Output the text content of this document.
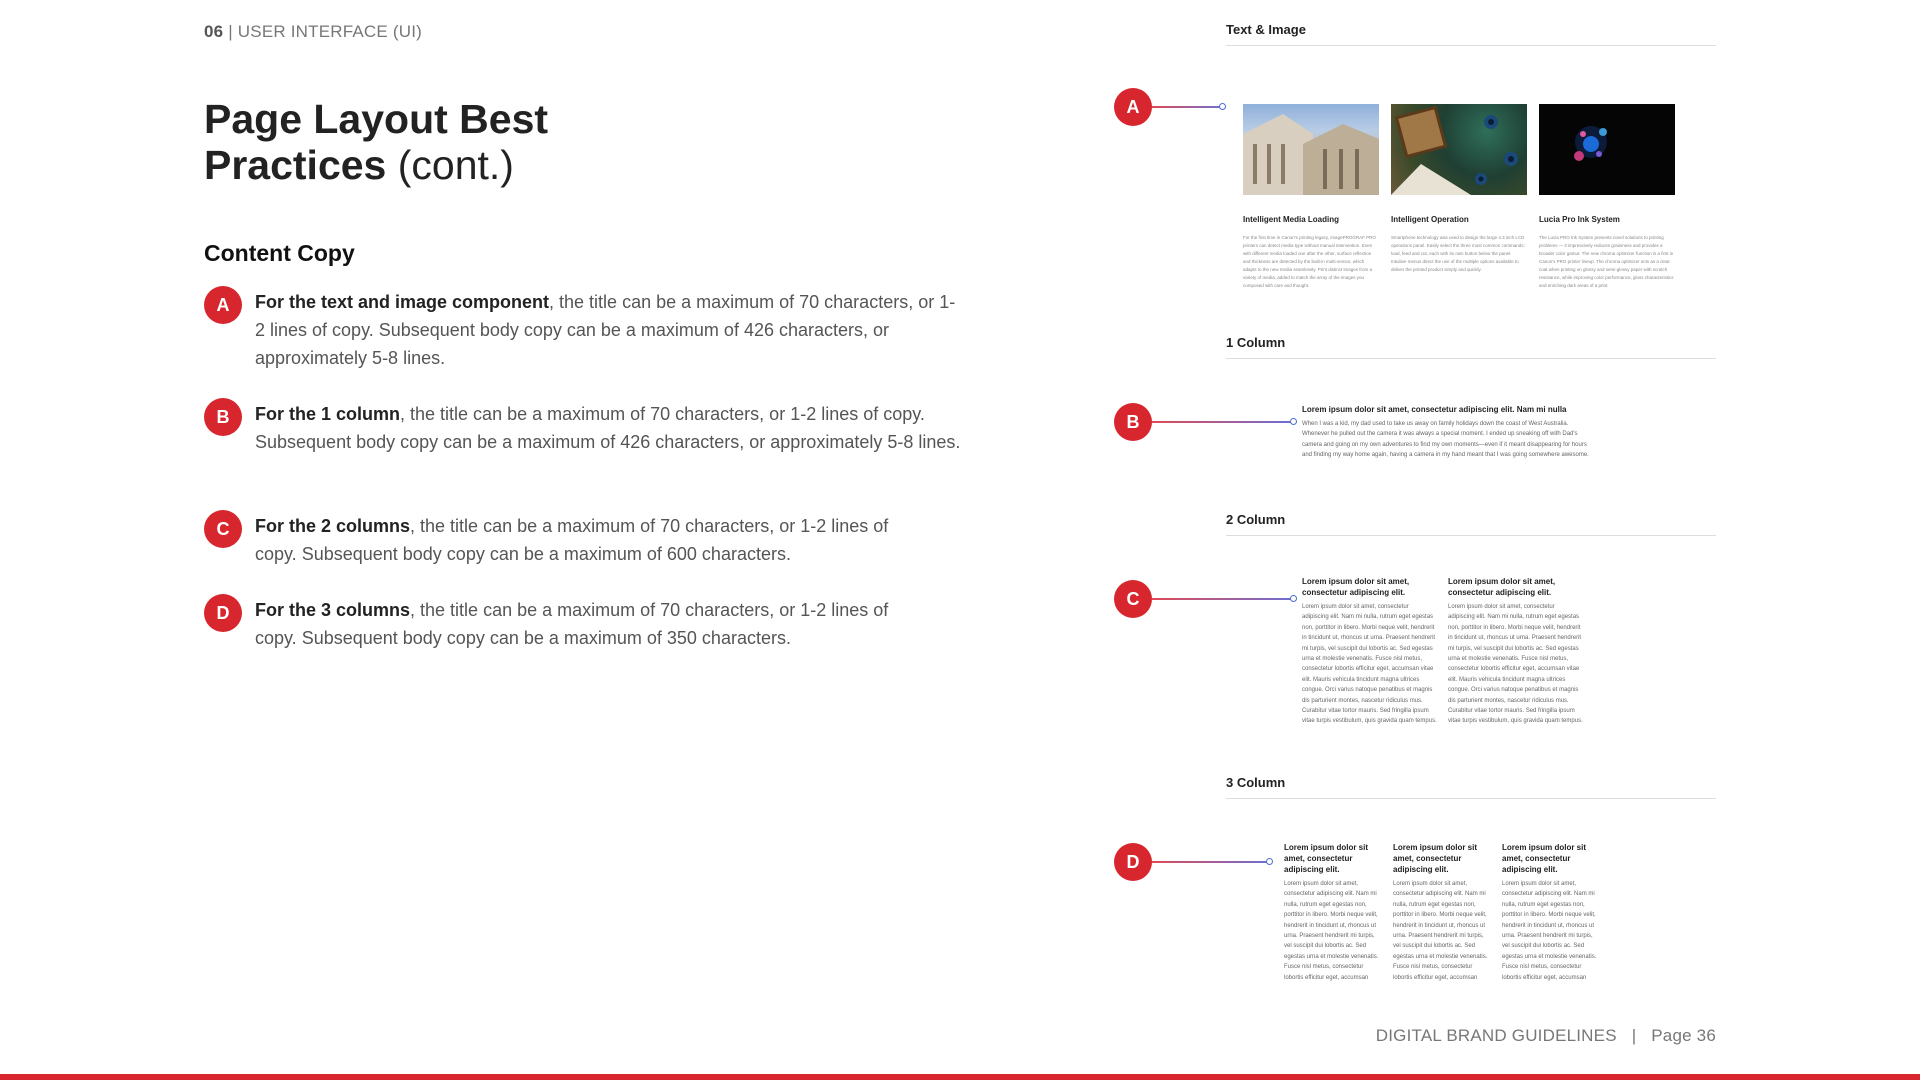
06 | USER INTERFACE (UI)
Page Layout Best Practices (cont.)
Content Copy
A	For the text and image component, the title can be a maximum of 70 characters, or 1-2 lines of copy. Subsequent body copy can be a maximum of 426 characters, or approximately 5-8 lines.

B	For the 1 column, the title can be a maximum of 70 characters, or 1-2 lines of copy. Subsequent body copy can be a maximum of 426 characters, or approximately 5-8 lines.

C	For the 2 columns, the title can be a maximum of 70 characters, or 1-2 lines of copy. Subsequent body copy can be a maximum of 600 characters.

D	For the 3 columns, the title can be a maximum of 70 characters, or 1-2 lines of copy. Subsequent body copy can be a maximum of 350 characters.

Text & Image
A
Intelligent Media Loading
For the first time in Canon's printing legacy, imagePROGRAF PRO printers can detect media type without manual intervention. Even with different media loaded one after the other, surface reflection and thickness are detected by the built-in multi-sensor, which adapts to the new media seamlessly. Print distinct images from a variety of media, added to match the array of the images you composed with care and thought.
Intelligent Operation
Smartphone technology was used to design the large 4.3 inch LCD operations panel. Easily select the three most common commands: load, feed and cut, each with its own button below the panel. Intuitive menus direct the use of the multiple options available to deliver the printed product simply and quickly.
Lucia Pro Ink System
The Lucia PRO Ink System presents novel solutions to printing problems — it impressively reduces graininess and provides a broader color gamut. The new chroma optimizer function is a first in Canon's PRO printer lineup. The chroma optimizer acts as a clear coat when printing on glossy and semi-glossy paper with scratch resistance, while improving color performance, gloss characteristics and enriching dark areas of a print.
1 Column
B
Lorem ipsum dolor sit amet, consectetur adipiscing elit. Nam mi nulla
When I was a kid, my dad used to take us away on family holidays down the coast of West Australia. Whenever he pulled out the camera it was always a special moment. I ended up sneaking off with Dad's camera and going on my own adventures to find my own moments—even if it meant disappearing for hours and finding my way home again, having a camera in my hand meant that I was going somewhere awesome.
2 Column
C
Lorem ipsum dolor sit amet, consectetur adipiscing elit.
Lorem ipsum dolor sit amet, consectetur adipiscing elit. Nam mi nulla, rutrum eget egestas non, porttitor in libero. Morbi neque velit, hendrerit in tincidunt ut, rhoncus ut urna. Praesent hendrerit mi turpis, vel suscipit dui lobortis ac. Sed egestas urna et molestie venenatis. Fusce nisl metus, consectetur lobortis efficitur eget, accumsan vitae elit. Mauris vehicula tincidunt magna ultrices congue. Orci varius natoque penatibus et magnis dis parturient montes, nascetur ridiculus mus. Curabitur vitae tortor mauris. Sed fringilla ipsum vitae turpis vestibulum, quis gravida quam tempus.
Lorem ipsum dolor sit amet, consectetur adipiscing elit.
Lorem ipsum dolor sit amet, consectetur adipiscing elit. Nam mi nulla, rutrum eget egestas non, porttitor in libero. Morbi neque velit, hendrerit in tincidunt ut, rhoncus ut urna. Praesent hendrerit mi turpis, vel suscipit dui lobortis ac. Sed egestas urna et molestie venenatis. Fusce nisl metus, consectetur lobortis efficitur eget, accumsan vitae elit. Mauris vehicula tincidunt magna ultrices congue. Orci varius natoque penatibus et magnis dis parturient montes, nascetur ridiculus mus. Curabitur vitae tortor mauris. Sed fringilla ipsum vitae turpis vestibulum, quis gravida quam tempus.
3 Column
D
Lorem ipsum dolor sit amet, consectetur adipiscing elit.
Lorem ipsum dolor sit amet, consectetur adipiscing elit. Nam mi nulla, rutrum eget egestas non, porttitor in libero. Morbi neque velit, hendrerit in tincidunt ut, rhoncus ut urna. Praesent hendrerit mi turpis, vel suscipit dui lobortis ac. Sed egestas urna et molestie venenatis. Fusce nisl metus, consectetur lobortis efficitur eget, accumsan
Lorem ipsum dolor sit amet, consectetur adipiscing elit.
Lorem ipsum dolor sit amet, consectetur adipiscing elit. Nam mi nulla, rutrum eget egestas non, porttitor in libero. Morbi neque velit, hendrerit in tincidunt ut, rhoncus ut urna. Praesent hendrerit mi turpis, vel suscipit dui lobortis ac. Sed egestas urna et molestie venenatis. Fusce nisl metus, consectetur lobortis efficitur eget, accumsan
Lorem ipsum dolor sit amet, consectetur adipiscing elit.
Lorem ipsum dolor sit amet, consectetur adipiscing elit. Nam mi nulla, rutrum eget egestas non, porttitor in libero. Morbi neque velit, hendrerit in tincidunt ut, rhoncus ut urna. Praesent hendrerit mi turpis, vel suscipit dui lobortis ac. Sed egestas urna et molestie venenatis. Fusce nisl metus, consectetur lobortis efficitur eget, accumsan
DIGITAL BRAND GUIDELINES | Page 36
